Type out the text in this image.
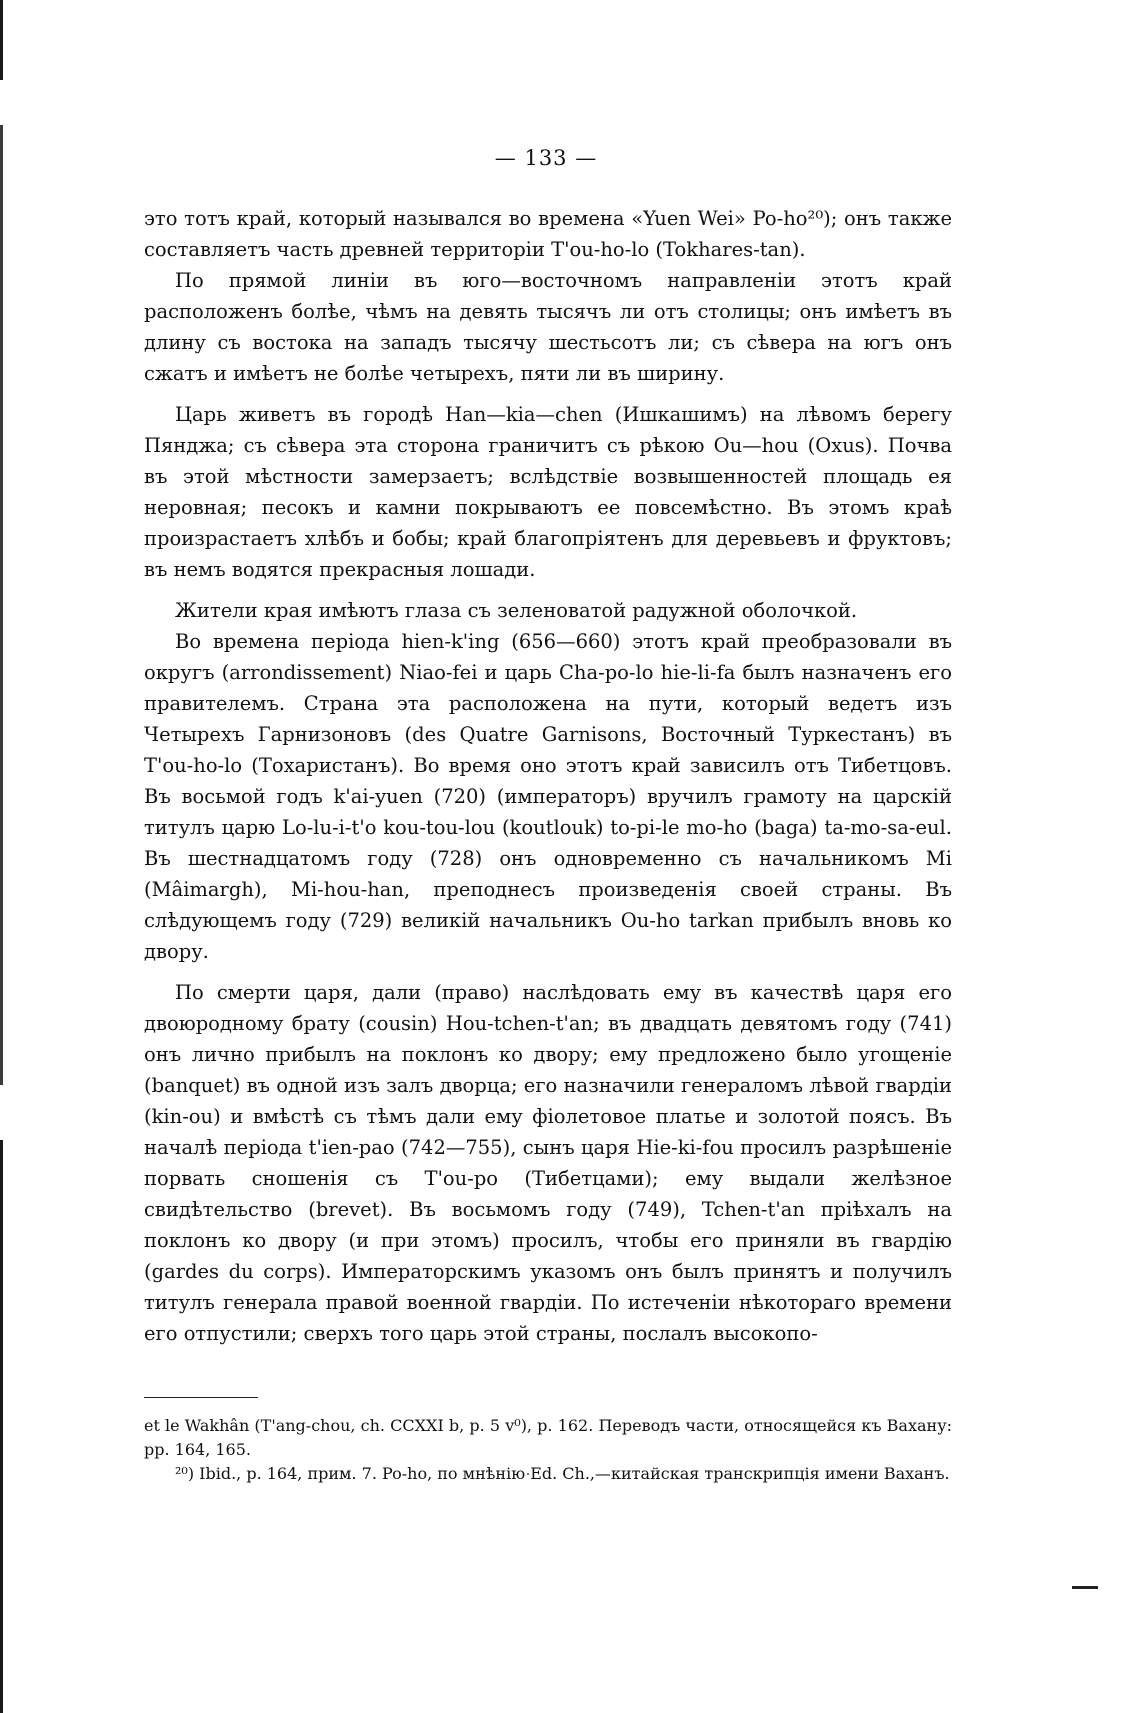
— 133 —

это тотъ край, который назывался во времена «Yuen Wei» Po-ho²⁰); онъ также составляетъ часть древней территоріи T'ou-ho-lo (Tokhares-tan).

По прямой линіи въ юго—восточномъ направленіи этотъ край расположенъ болѣе, чѣмъ на девять тысячъ ли отъ столицы; онъ имѣетъ въ длину съ востока на западъ тысячу шестьсотъ ли; съ сѣвера на югъ онъ сжатъ и имѣетъ не болѣе четырехъ, пяти ли въ ширину.

Царь живетъ въ городѣ Han—kia—chen (Ишкашимъ) на лѣвомъ берегу Пянджа; съ сѣвера эта сторона граничитъ съ рѣкою Ou—hou (Oxus). Почва въ этой мѣстности замерзаетъ; вслѣдствіе возвышенностей площадь ея неровная; песокъ и камни покрываютъ ее повсемѣстно. Въ этомъ краѣ произрастаетъ хлѣбъ и бобы; край благопріятенъ для деревьевъ и фруктовъ; въ немъ водятся прекрасныя лошади.

Жители края имѣютъ глаза съ зеленоватой радужной оболочкой.

Во времена періода hien-k'ing (656—660) этотъ край преобразовали въ округъ (arrondissement) Niao-fei и царь Cha-po-lo hie-li-fa былъ назначенъ его правителемъ. Страна эта расположена на пути, который ведетъ изъ Четырехъ Гарнизоновъ (des Quatre Garnisons, Восточный Туркестанъ) въ T'ou-ho-lo (Тохаристанъ). Во время оно этотъ край зависилъ отъ Тибетцовъ. Въ восьмой годъ k'ai-yuen (720) (императоръ) вручилъ грамоту на царскій титулъ царю Lo-lu-i-t'o kou-tou-lou (koutlouk) to-pi-le mo-ho (baga) ta-mo-sa-eul. Въ шестнадцатомъ году (728) онъ одновременно съ начальникомъ Mi (Mâimargh), Mi-hou-han, преподнесъ произведенія своей страны. Въ слѣдующемъ году (729) великій начальникъ Ou-ho tarkan прибылъ вновь ко двору.

По смерти царя, дали (право) наслѣдовать ему въ качествѣ царя его двоюродному брату (cousin) Hou-tchen-t'an; въ двадцать девятомъ году (741) онъ лично прибылъ на поклонъ ко двору; ему предложено было угощеніе (banquet) въ одной изъ залъ дворца; его назначили генераломъ лѣвой гвардіи (kin-ou) и вмѣстѣ съ тѣмъ дали ему фіолетовое платье и золотой поясъ. Въ началѣ періода t'ien-pao (742—755), сынъ царя Hie-ki-fou просилъ разрѣшеніе порвать сношенія съ T'ou-po (Тибетцами); ему выдали желѣзное свидѣтельство (brevet). Въ восьмомъ году (749), Tchen-t'an пріѣхалъ на поклонъ ко двору (и при этомъ) просилъ, чтобы его приняли въ гвардію (gardes du corps). Императорскимъ указомъ онъ былъ принятъ и получилъ титулъ генерала правой военной гвардіи. По истеченіи нѣкотораго времени его отпустили; сверхъ того царь этой страны, послалъ высокопо-

et le Wakhân (T'ang-chou, ch. CCXXI b, p. 5 v⁰), p. 162. Переводъ части, относящейся къ Вахану: pp. 164, 165.

²⁰) Ibid., p. 164, прим. 7. Po-ho, по мнѣнію Ed. Ch.,—китайская транскрипція имени Ваханъ.
